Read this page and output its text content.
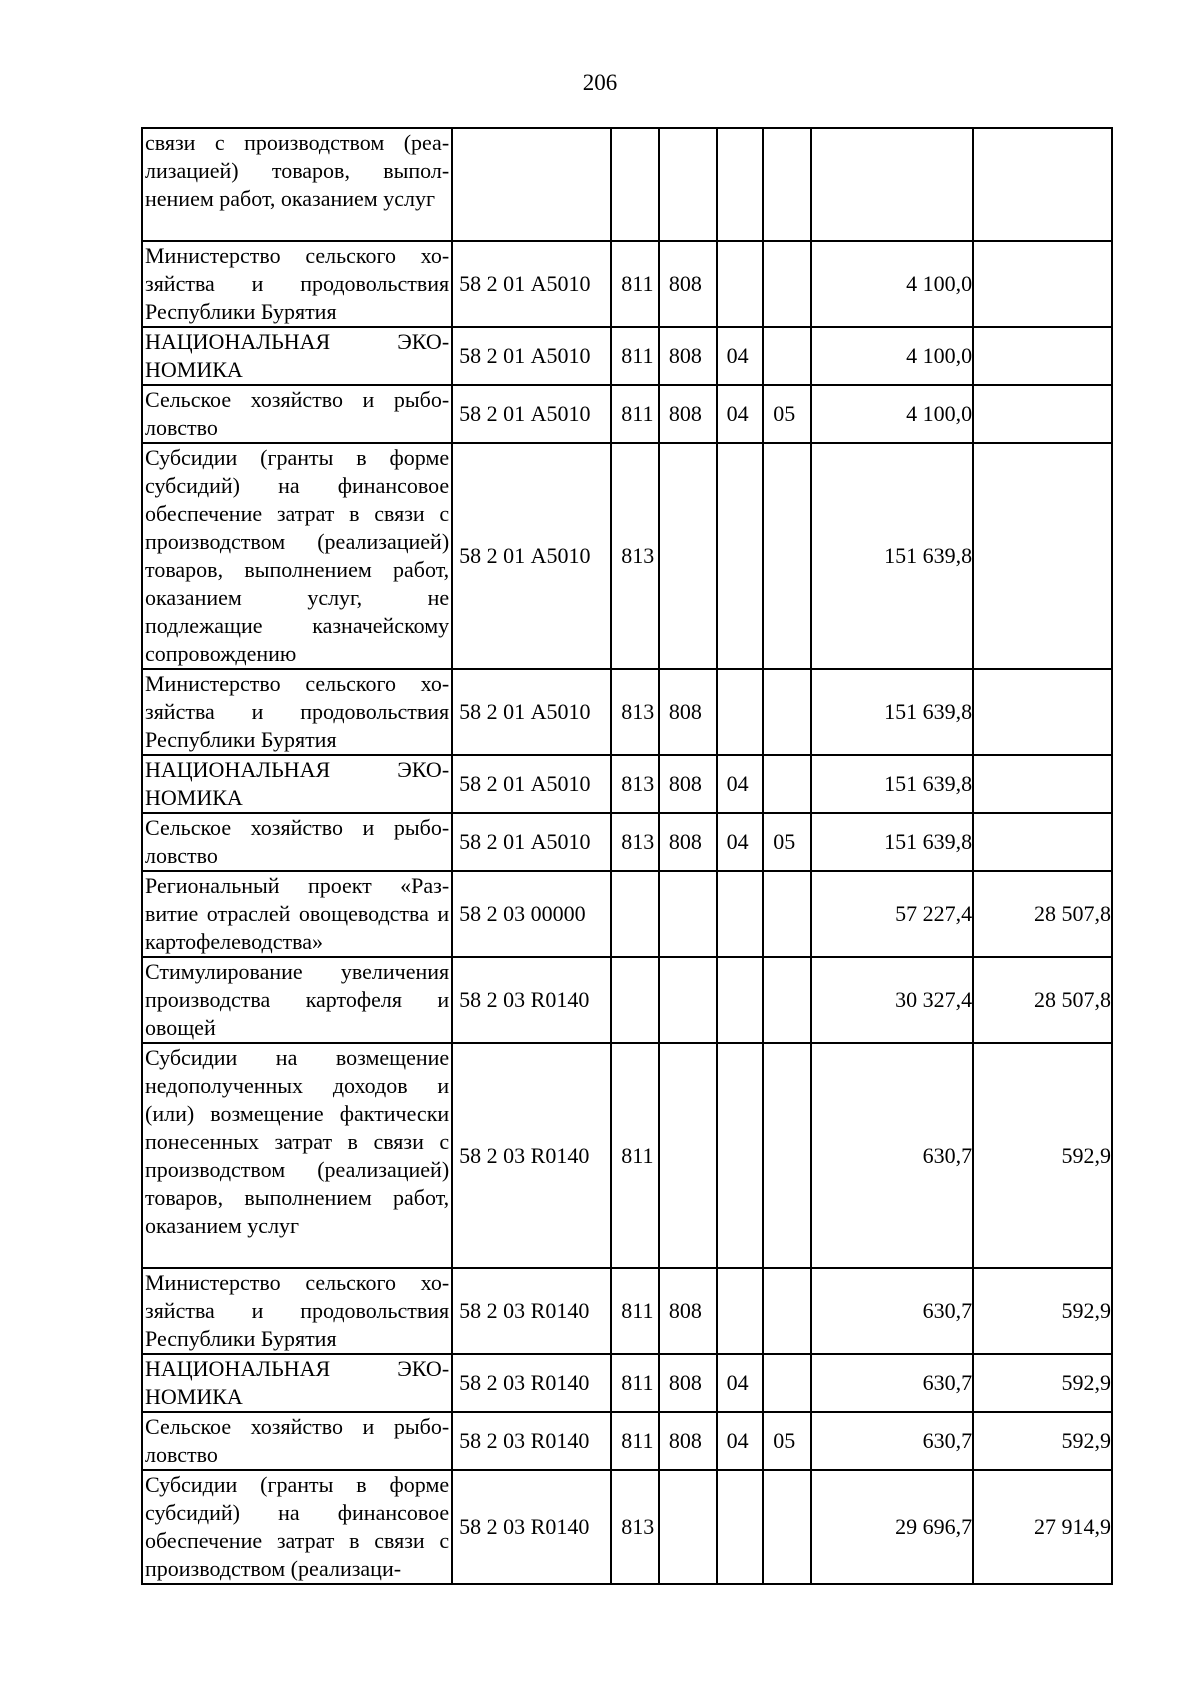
206
связи с производством (реализацией) товаров, выполнением работ, оказанием услуг							
Министерство сельского хозяйства и продовольствия Республики Бурятия	58 2 01 А5010	811	808			4 100,0	
НАЦИОНАЛЬНАЯ ЭКОНОМИКА	58 2 01 А5010	811	808	04		4 100,0	
Сельское хозяйство и рыболовство	58 2 01 А5010	811	808	04	05	4 100,0	
Субсидии (гранты в форме субсидий) на финансовое обеспечение затрат в связи с производством (реализацией) товаров, выполнением работ, оказанием услуг, не подлежащие казначейскому сопровождению	58 2 01 А5010	813				151 639,8	
Министерство сельского хозяйства и продовольствия Республики Бурятия	58 2 01 А5010	813	808			151 639,8	
НАЦИОНАЛЬНАЯ ЭКОНОМИКА	58 2 01 А5010	813	808	04		151 639,8	
Сельское хозяйство и рыболовство	58 2 01 А5010	813	808	04	05	151 639,8	
Региональный проект «Развитие отраслей овощеводства и картофелеводства»	58 2 03 00000					57 227,4	28 507,8
Стимулирование увеличения производства картофеля и овощей	58 2 03 R0140					30 327,4	28 507,8
Субсидии на возмещение недополученных доходов и (или) возмещение фактически понесенных затрат в связи с производством (реализацией) товаров, выполнением работ, оказанием услуг	58 2 03 R0140	811				630,7	592,9
Министерство сельского хозяйства и продовольствия Республики Бурятия	58 2 03 R0140	811	808			630,7	592,9
НАЦИОНАЛЬНАЯ ЭКОНОМИКА	58 2 03 R0140	811	808	04		630,7	592,9
Сельское хозяйство и рыболовство	58 2 03 R0140	811	808	04	05	630,7	592,9
Субсидии (гранты в форме субсидий) на финансовое обеспечение затрат в связи с производством (реализаци-	58 2 03 R0140	813				29 696,7	27 914,9
